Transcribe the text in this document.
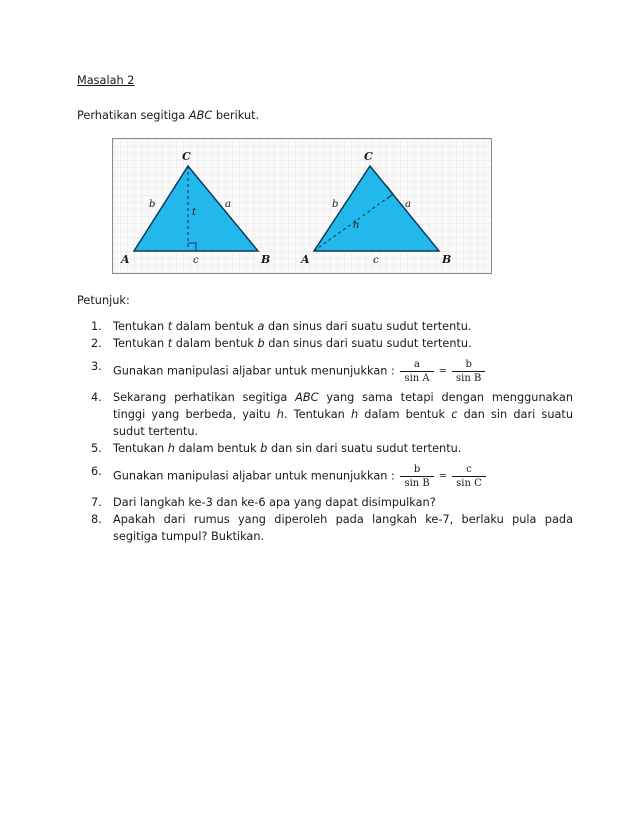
Masalah 2
Perhatikan segitiga ABC berikut.
C
A	B
b	a
c
t
C
A	B
b	a
c
h
Petunjuk:
1. Tentukan t dalam bentuk a dan sinus dari suatu sudut tertentu.
2. Tentukan t dalam bentuk b dan sinus dari suatu sudut tertentu.
3. Gunakan manipulasi aljabar untuk menunjukkan : $\frac{a}{\text{sin A}} = \frac{b}{\text{sin B}}$
4. Sekarang perhatikan segitiga ABC yang sama tetapi dengan menggunakan tinggi yang berbeda, yaitu h. Tentukan h dalam bentuk c dan sin dari suatu sudut tertentu.
5. Tentukan h dalam bentuk b dan sin dari suatu sudut tertentu.
6. Gunakan manipulasi aljabar untuk menunjukkan : $\frac{b}{\text{sin B}} = \frac{c}{\text{sin C}}$
7. Dari langkah ke-3 dan ke-6 apa yang dapat disimpulkan?
8. Apakah dari rumus yang diperoleh pada langkah ke-7, berlaku pula pada segitiga tumpul? Buktikan.
